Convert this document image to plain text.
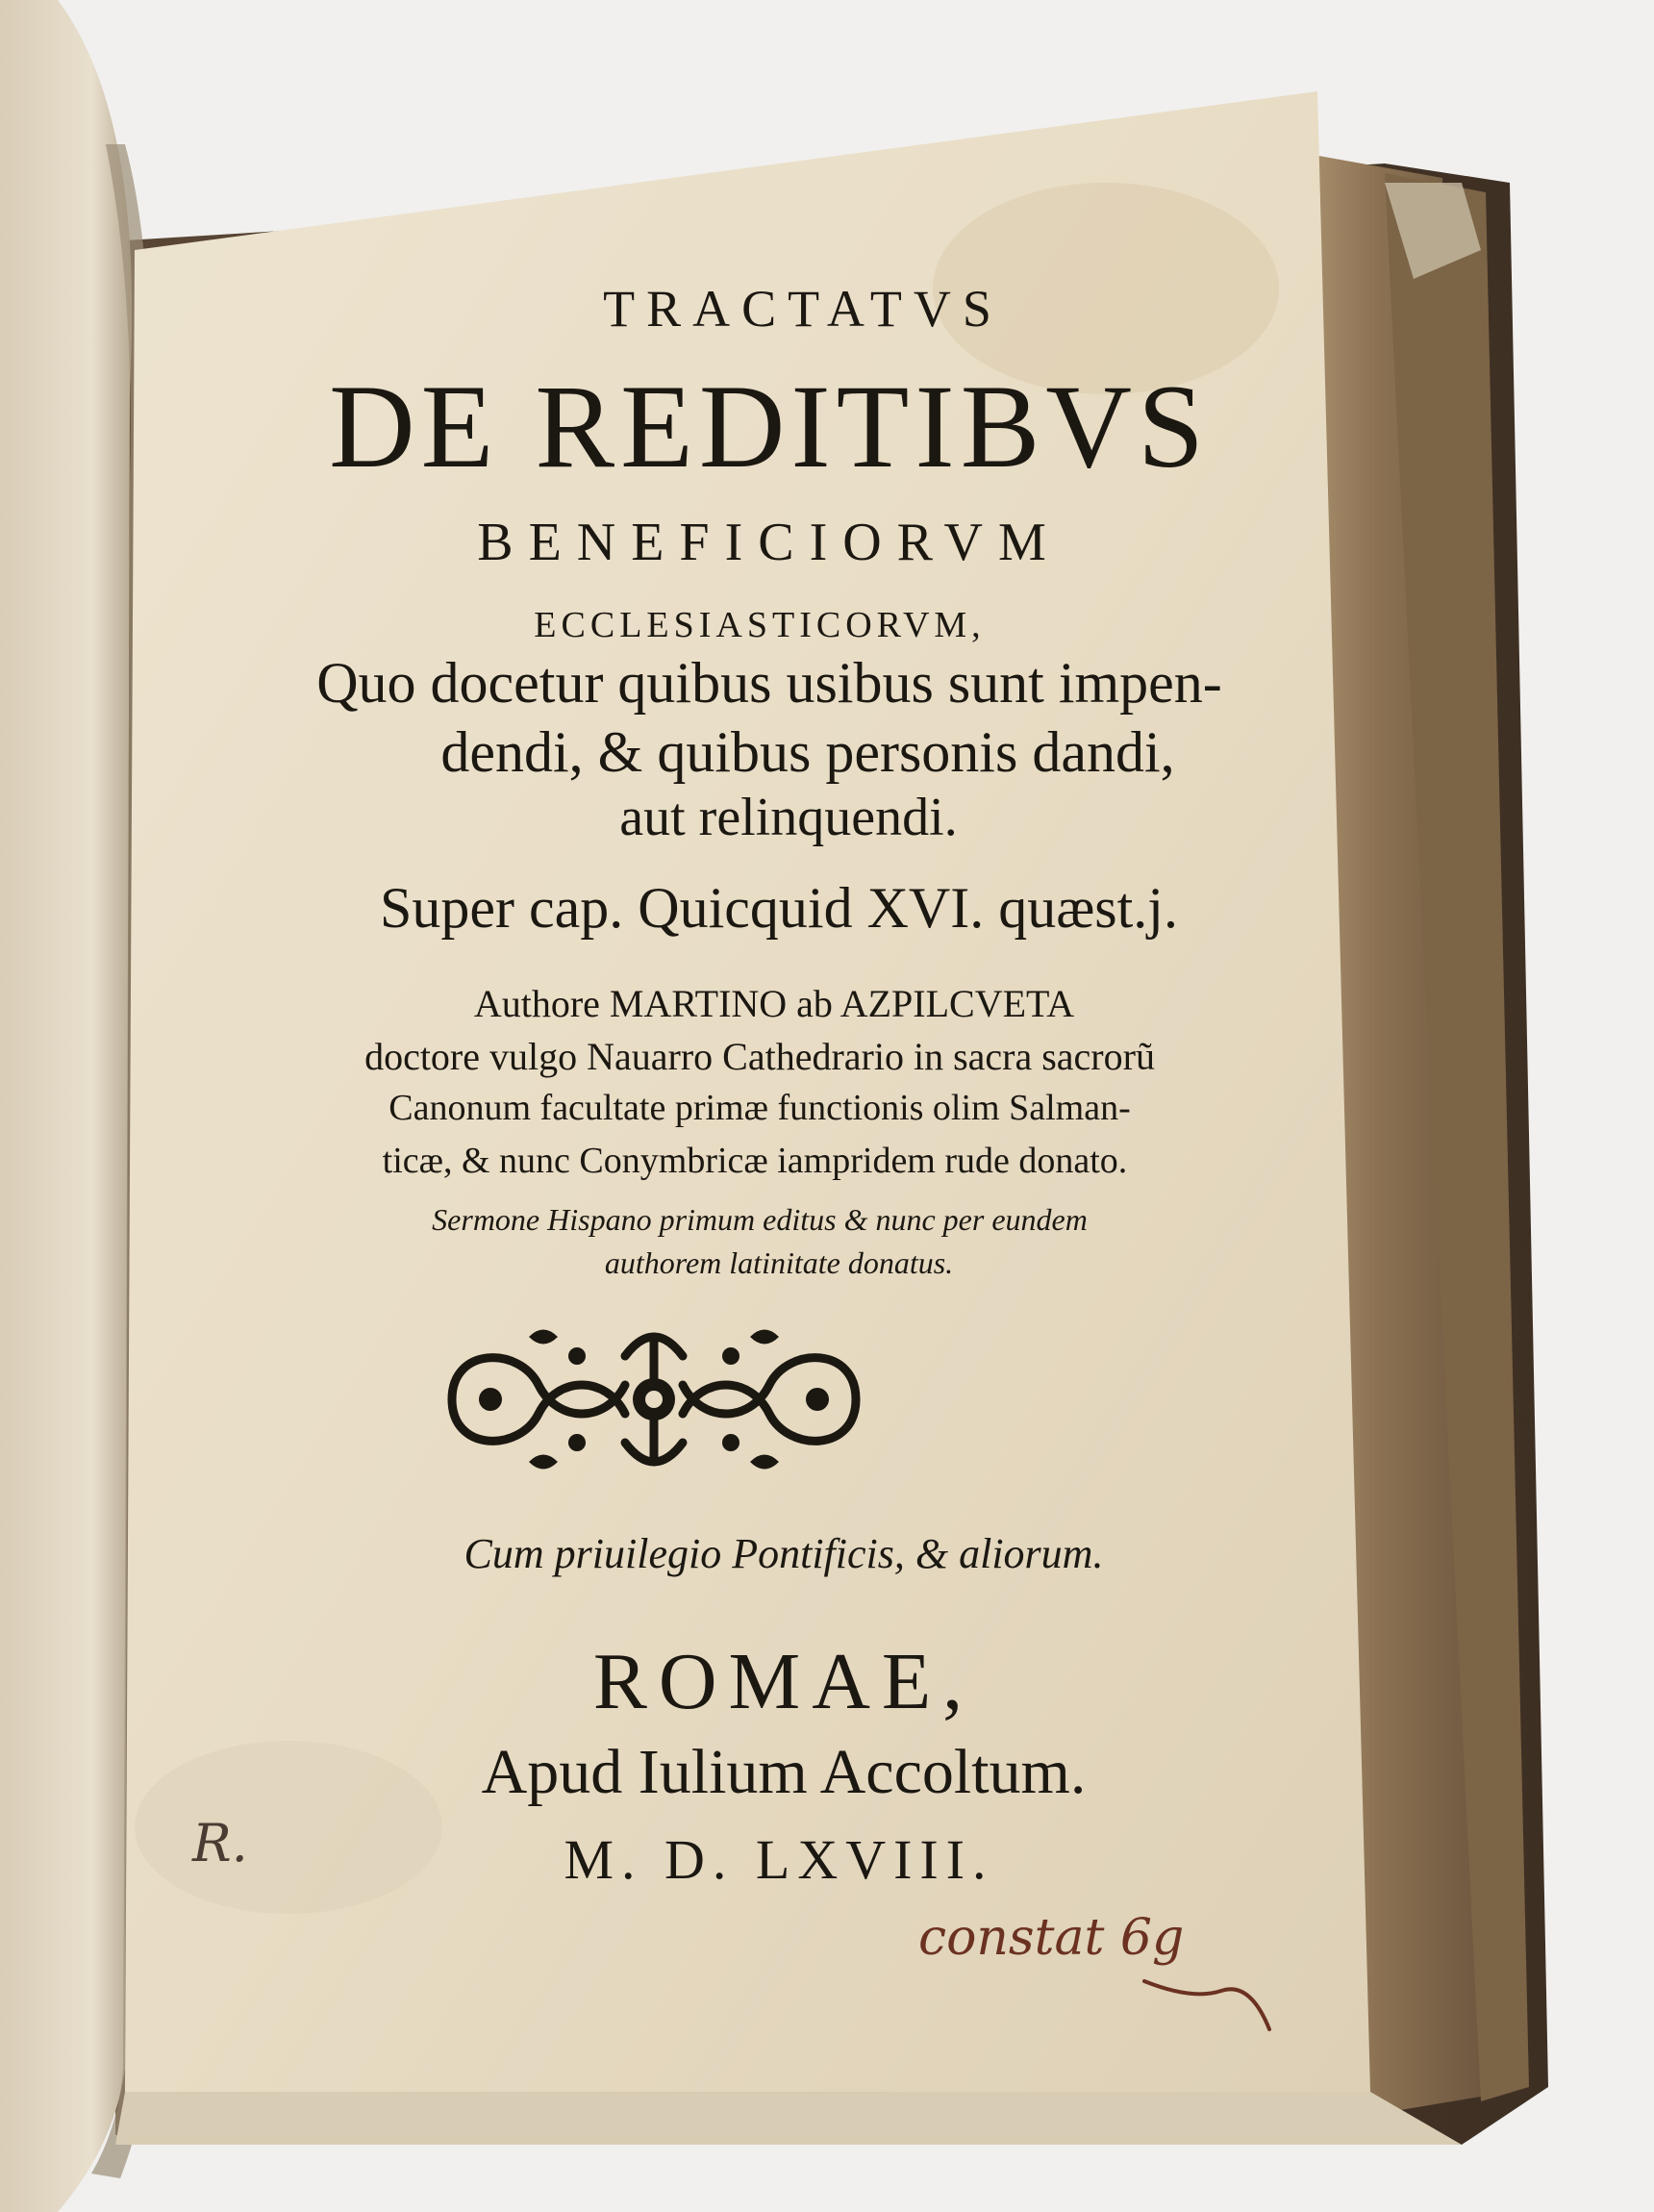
TRACTATVS
DE REDITIBVS
BENEFICIORVM
ECCLESIASTICORVM,
Quo docetur quibus usibus sunt impen-
dendi, & quibus personis dandi,
aut relinquendi.
Super cap. Quicquid XVI. quæst.j.
Authore MARTINO ab AZPILCVETA
doctore vulgo Nauarro Cathedrario in sacra sacrorũ
Canonum facultate primæ functionis olim Salman-
ticæ, & nunc Conymbricæ iampridem rude donato.
Sermone Hispano primum editus & nunc per eundem
authorem latinitate donatus.
Cum priuilegio Pontificis, & aliorum.
ROMAE,
Apud Iulium Accoltum.
M. D. LXVIII.
R.
constat 6g
